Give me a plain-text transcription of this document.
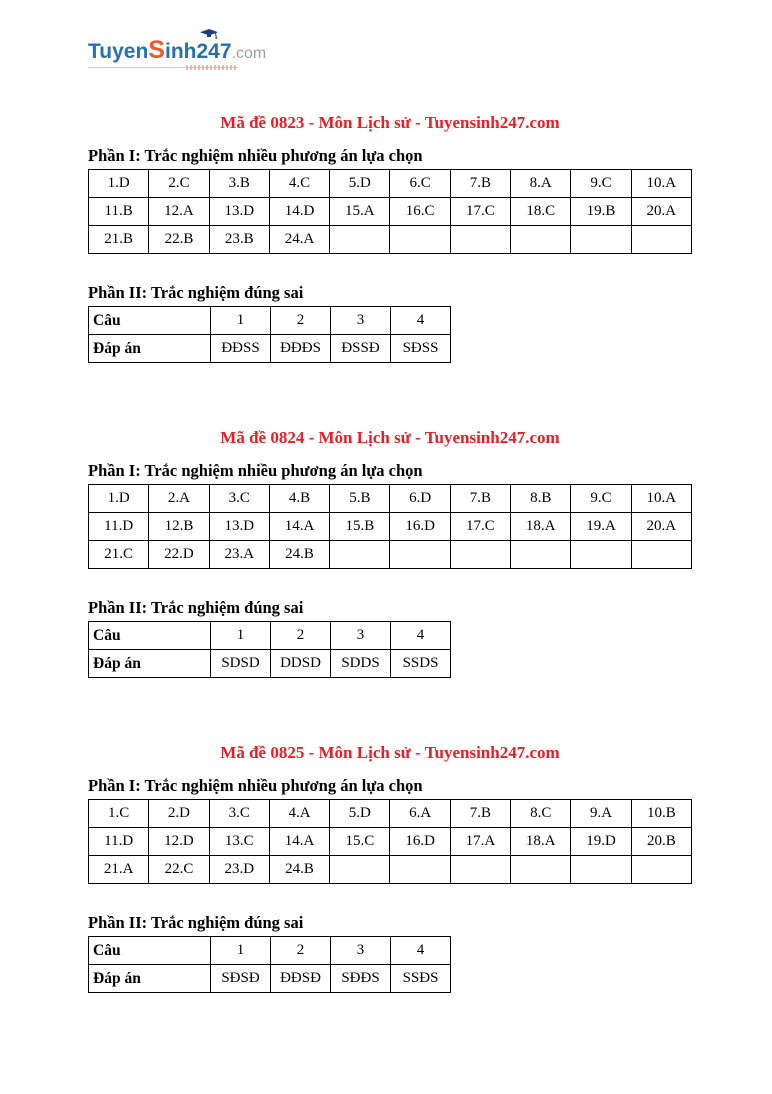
TuyenS
inh247.com
Mã đề 0823 - Môn Lịch sử - Tuyensinh247.com
Phần I: Trắc nghiệm nhiều phương án lựa chọn
1.D	2.C	3.B	4.C	5.D	6.C	7.B	8.A	9.C	10.A
11.B	12.A	13.D	14.D	15.A	16.C	17.C	18.C	19.B	20.A
21.B	22.B	23.B	24.A						
Phần II: Trắc nghiệm đúng sai
Câu	1	2	3	4
Đáp án	ĐĐSS	ĐĐĐS	ĐSSĐ	SĐSS
Mã đề 0824 - Môn Lịch sử - Tuyensinh247.com
Phần I: Trắc nghiệm nhiều phương án lựa chọn
1.D	2.A	3.C	4.B	5.B	6.D	7.B	8.B	9.C	10.A
11.D	12.B	13.D	14.A	15.B	16.D	17.C	18.A	19.A	20.A
21.C	22.D	23.A	24.B						
Phần II: Trắc nghiệm đúng sai
Câu	1	2	3	4
Đáp án	SDSD	DDSD	SDDS	SSDS
Mã đề 0825 - Môn Lịch sử - Tuyensinh247.com
Phần I: Trắc nghiệm nhiều phương án lựa chọn
1.C	2.D	3.C	4.A	5.D	6.A	7.B	8.C	9.A	10.B
11.D	12.D	13.C	14.A	15.C	16.D	17.A	18.A	19.D	20.B
21.A	22.C	23.D	24.B						
Phần II: Trắc nghiệm đúng sai
Câu	1	2	3	4
Đáp án	SĐSĐ	ĐĐSĐ	SĐĐS	SSĐS
